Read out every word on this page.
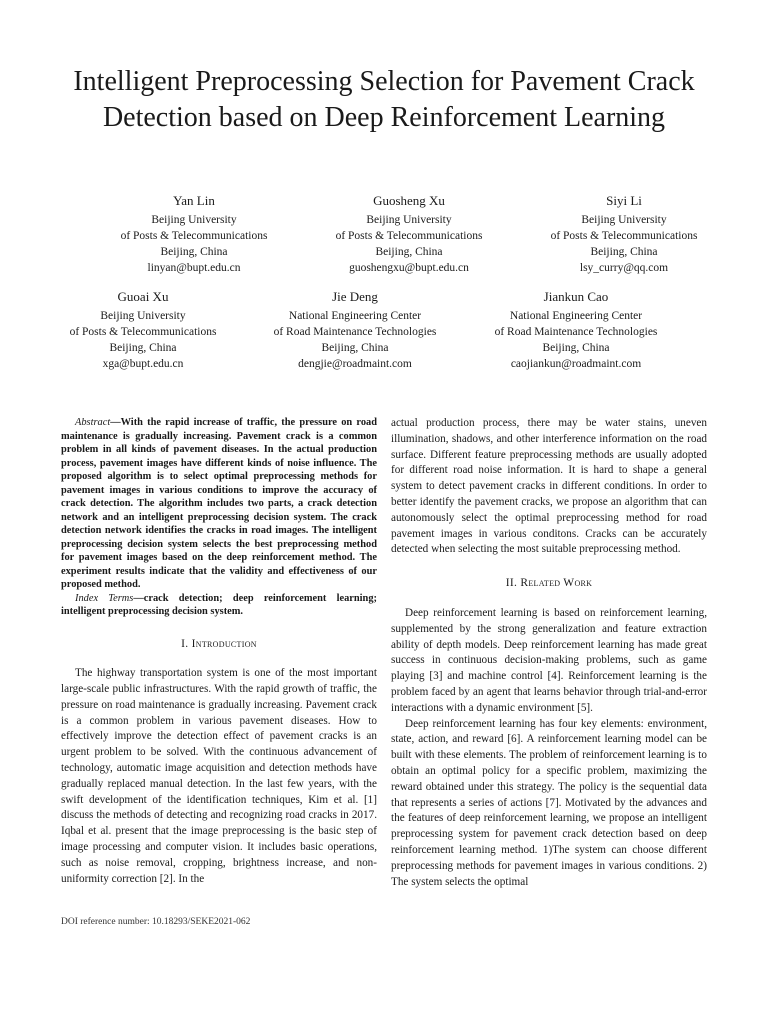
Intelligent Preprocessing Selection for Pavement Crack Detection based on Deep Reinforcement Learning
Yan Lin
Beijing University
of Posts & Telecommunications
Beijing, China
linyan@bupt.edu.cn
Guosheng Xu
Beijing University
of Posts & Telecommunications
Beijing, China
guoshengxu@bupt.edu.cn
Siyi Li
Beijing University
of Posts & Telecommunications
Beijing, China
lsy_curry@qq.com
Guoai Xu
Beijing University
of Posts & Telecommunications
Beijing, China
xga@bupt.edu.cn
Jie Deng
National Engineering Center
of Road Maintenance Technologies
Beijing, China
dengjie@roadmaint.com
Jiankun Cao
National Engineering Center
of Road Maintenance Technologies
Beijing, China
caojiankun@roadmaint.com

Abstract—With the rapid increase of traffic, the pressure on road maintenance is gradually increasing. Pavement crack is a common problem in all kinds of pavement diseases. In the actual production process, pavement images have different kinds of noise influence. The proposed algorithm is to select optimal preprocessing methods for pavement images in various conditions to improve the accuracy of crack detection. The algorithm includes two parts, a crack detection network and an intelligent preprocessing decision system. The crack detection network identifies the cracks in road images. The intelligent preprocessing decision system selects the best preprocessing method for pavement images based on the deep reinforcement method. The experiment results indicate that the validity and effectiveness of our proposed method.

Index Terms—crack detection; deep reinforcement learning; intelligent preprocessing decision system.

I. Introduction

The highway transportation system is one of the most important large-scale public infrastructures. With the rapid growth of traffic, the pressure on road maintenance is gradually increasing. Pavement crack is a common problem in various pavement diseases. How to effectively improve the detection effect of pavement cracks is an urgent problem to be solved. With the continuous advancement of technology, automatic image acquisition and detection methods have gradually replaced manual detection. In the last few years, with the swift development of the identification techniques, Kim et al. [1] discuss the methods of detecting and recognizing road cracks in 2017. Iqbal et al. present that the image preprocessing is the basic step of image processing and computer vision. It includes basic operations, such as noise removal, cropping, brightness increase, and non-uniformity correction [2]. In the

actual production process, there may be water stains, uneven illumination, shadows, and other interference information on the road surface. Different feature preprocessing methods are usually adopted for different road noise information. It is hard to shape a general system to detect pavement cracks in different conditions. In order to better identify the pavement cracks, we propose an algorithm that can autonomously select the optimal preprocessing method for road pavement images in various conditons. Cracks can be accurately detected when selecting the most suitable preprocessing method.

II. Related Work

Deep reinforcement learning is based on reinforcement learning, supplemented by the strong generalization and feature extraction ability of depth models. Deep reinforcement learning has made great success in continuous decision-making problems, such as game playing [3] and machine control [4]. Reinforcement learning is the problem faced by an agent that learns behavior through trial-and-error interactions with a dynamic environment [5].

Deep reinforcement learning has four key elements: environment, state, action, and reward [6]. A reinforcement learning model can be built with these elements. The problem of reinforcement learning is to obtain an optimal policy for a specific problem, maximizing the reward obtained under this strategy. The policy is the sequential data that represents a series of actions [7]. Motivated by the advances and the features of deep reinforcement learning, we propose an intelligent preprocessing system for pavement crack detection based on deep reinforcement learning method. 1)The system can choose different preprocessing methods for pavement images in various conditions. 2) The system selects the optimal

DOI reference number: 10.18293/SEKE2021-062
